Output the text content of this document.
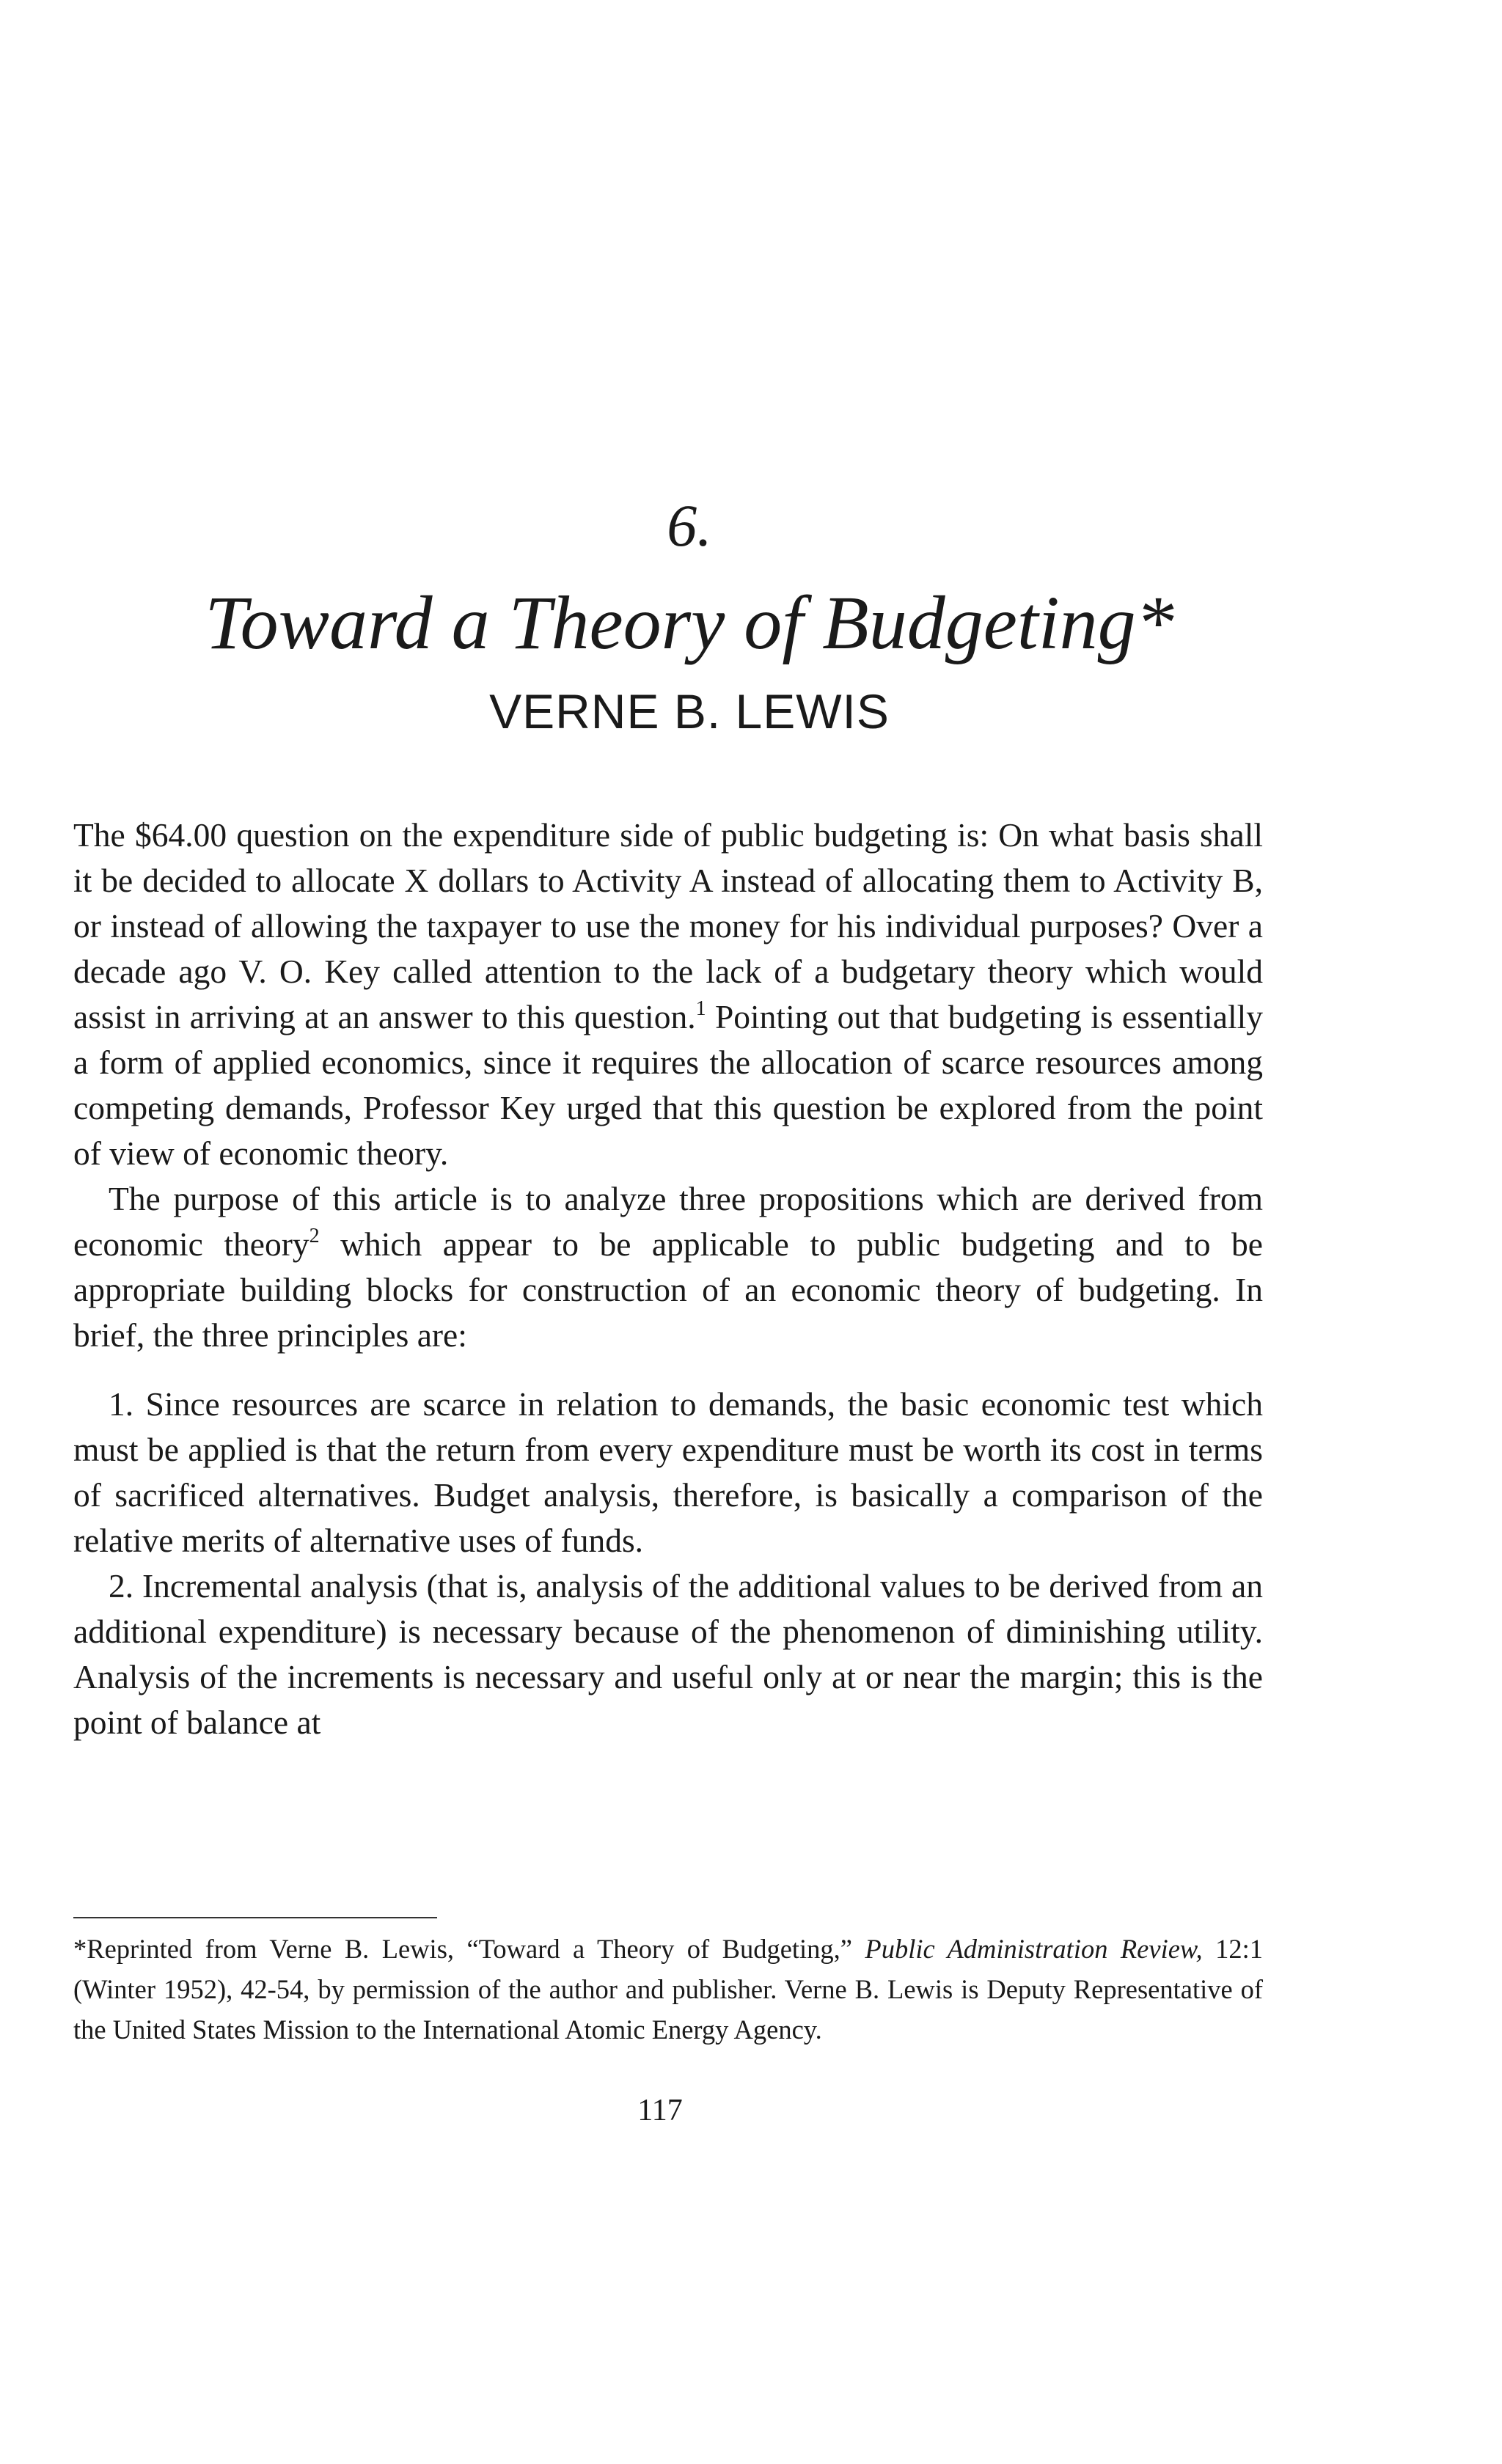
6.
Toward a Theory of Budgeting*
VERNE B. LEWIS

The $64.00 question on the expenditure side of public budgeting is: On what basis shall it be decided to allocate X dollars to Activity A instead of allocating them to Activity B, or instead of allowing the taxpayer to use the money for his individual purposes? Over a decade ago V. O. Key called attention to the lack of a budgetary theory which would assist in arriving at an answer to this question.$^1$ Pointing out that budgeting is essentially a form of applied economics, since it requires the allocation of scarce resources among competing demands, Professor Key urged that this question be explored from the point of view of economic theory.

The purpose of this article is to analyze three propositions which are derived from economic theory$^2$ which appear to be applicable to public budgeting and to be appropriate building blocks for construction of an economic theory of budgeting. In brief, the three principles are:

1. Since resources are scarce in relation to demands, the basic economic test which must be applied is that the return from every expenditure must be worth its cost in terms of sacrificed alternatives. Budget analysis, therefore, is basically a comparison of the relative merits of alternative uses of funds.

2. Incremental analysis (that is, analysis of the additional values to be derived from an additional expenditure) is necessary because of the phenomenon of diminishing utility. Analysis of the increments is necessary and useful only at or near the margin; this is the point of balance at

*Reprinted from Verne B. Lewis, “Toward a Theory of Budgeting,” Public Administration Review, 12:1 (Winter 1952), 42-54, by permission of the author and publisher. Verne B. Lewis is Deputy Representative of the United States Mission to the International Atomic Energy Agency.
117
